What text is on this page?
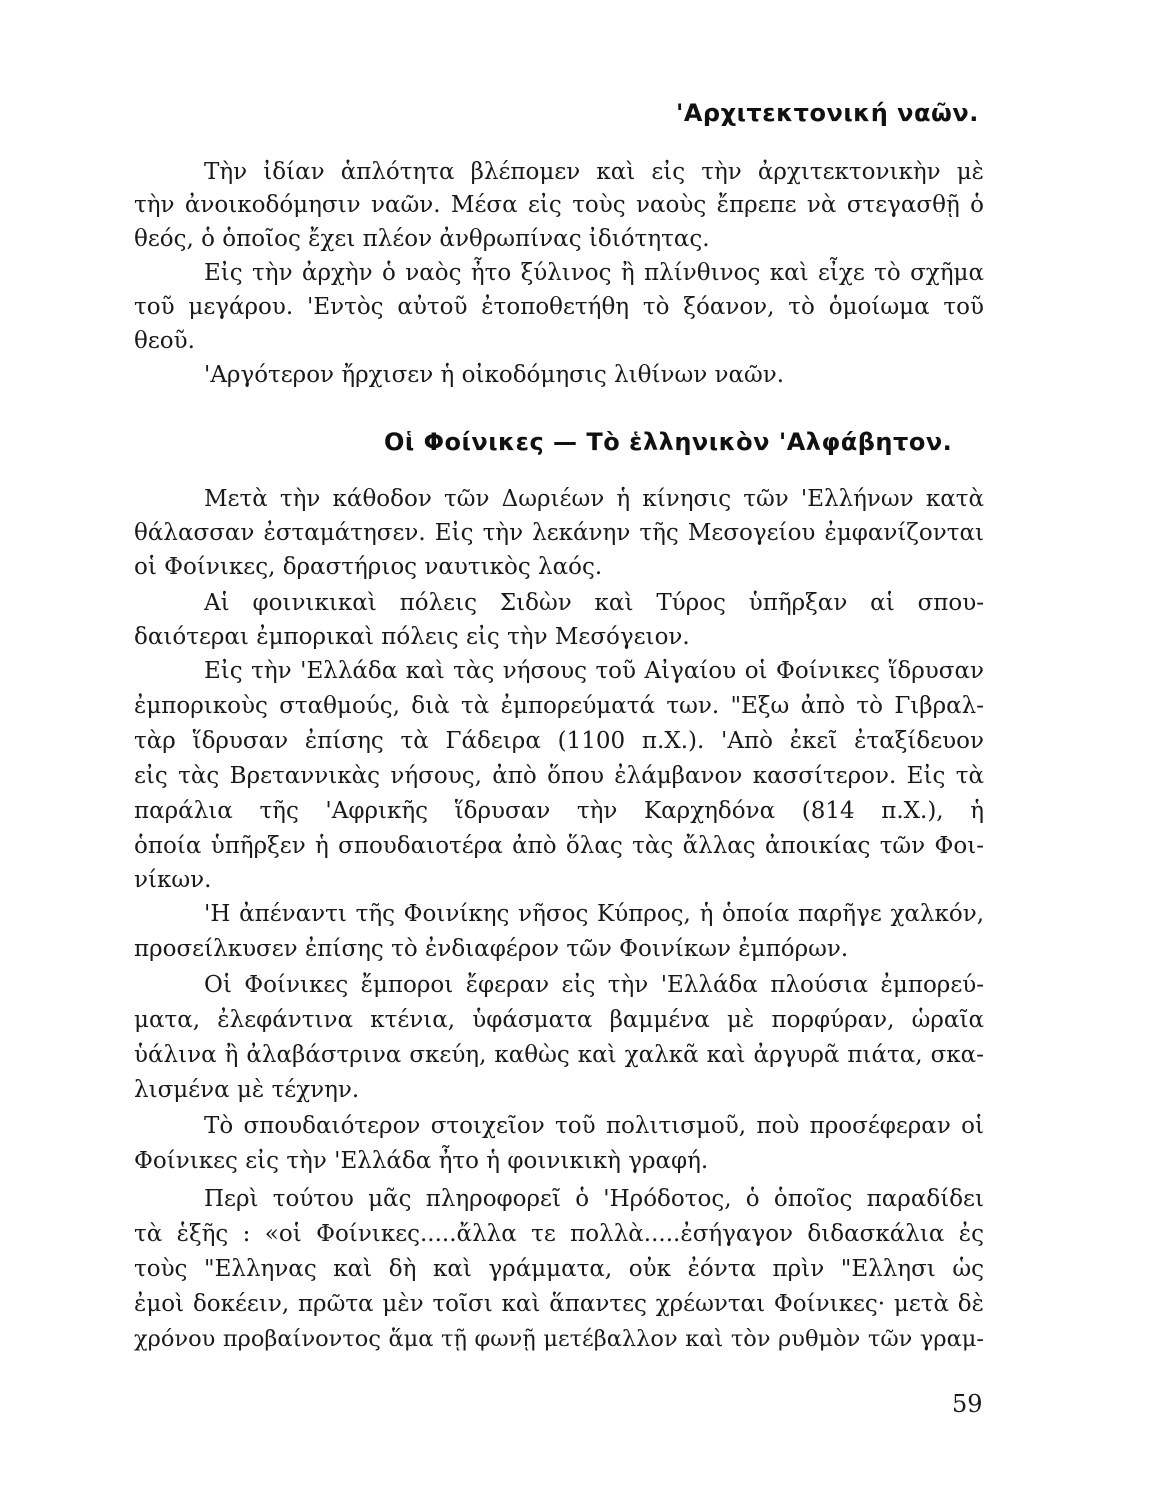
'Αρχιτεκτονική ναῶν.
Τὴν ἰδίαν ἁπλότητα βλέπομεν καὶ εἰς τὴν ἀρχιτεκτονικὴν μὲ
τὴν ἀνοικοδόμησιν ναῶν. Μέσα εἰς τοὺς ναοὺς ἔπρεπε νὰ στεγασθῇ ὁ
θεός, ὁ ὁποῖος ἔχει πλέον ἀνθρωπίνας ἰδιότητας.
Εἰς τὴν ἀρχὴν ὁ ναὸς ἦτο ξύλινος ἢ πλίνθινος καὶ εἶχε τὸ σχῆμα
τοῦ μεγάρου. 'Εντὸς αὐτοῦ ἐτοποθετήθη τὸ ξόανον, τὸ ὁμοίωμα τοῦ
θεοῦ.
'Αργότερον ἤρχισεν ἡ οἰκοδόμησις λιθίνων ναῶν.
Οἱ Φοίνικες — Τὸ ἑλληνικὸν 'Αλφάβητον.
Μετὰ τὴν κάθοδον τῶν Δωριέων ἡ κίνησις τῶν 'Ελλήνων κατὰ
θάλασσαν ἐσταμάτησεν. Εἰς τὴν λεκάνην τῆς Μεσογείου ἐμφανίζονται
οἱ Φοίνικες, δραστήριος ναυτικὸς λαός.
Αἱ φοινικικαὶ πόλεις Σιδὼν καὶ Τύρος ὑπῆρξαν αἱ σπου-
δαιότεραι ἐμπορικαὶ πόλεις εἰς τὴν Μεσόγειον.
Εἰς τὴν 'Ελλάδα καὶ τὰς νήσους τοῦ Αἰγαίου οἱ Φοίνικες ἵδρυσαν
ἐμπορικοὺς σταθμούς, διὰ τὰ ἐμπορεύματά των. "Εξω ἀπὸ τὸ Γιβραλ-
τὰρ ἵδρυσαν ἐπίσης τὰ Γάδειρα (1100 π.Χ.). 'Απὸ ἐκεῖ ἐταξίδευον
εἰς τὰς Βρεταννικὰς νήσους, ἀπὸ ὅπου ἐλάμβανον κασσίτερον. Εἰς τὰ
παράλια τῆς 'Αφρικῆς ἵδρυσαν τὴν Καρχηδόνα (814 π.Χ.), ἡ
ὁποία ὑπῆρξεν ἡ σπουδαιοτέρα ἀπὸ ὅλας τὰς ἄλλας ἀποικίας τῶν Φοι-
νίκων.
'Η ἀπέναντι τῆς Φοινίκης νῆσος Κύπρος, ἡ ὁποία παρῆγε χαλκόν,
προσείλκυσεν ἐπίσης τὸ ἐνδιαφέρον τῶν Φοινίκων ἐμπόρων.
Οἱ Φοίνικες ἔμποροι ἔφεραν εἰς τὴν 'Ελλάδα πλούσια ἐμπορεύ-
ματα, ἐλεφάντινα κτένια, ὑφάσματα βαμμένα μὲ πορφύραν, ὡραῖα
ὑάλινα ἢ ἀλαβάστρινα σκεύη, καθὼς καὶ χαλκᾶ καὶ ἀργυρᾶ πιάτα, σκα-
λισμένα μὲ τέχνην.
Τὸ σπουδαιότερον στοιχεῖον τοῦ πολιτισμοῦ, ποὺ προσέφεραν οἱ
Φοίνικες εἰς τὴν 'Ελλάδα ἦτο ἡ φοινικικὴ γραφή.
Περὶ τούτου μᾶς πληροφορεῖ ὁ 'Ηρόδοτος, ὁ ὁποῖος παραδίδει
τὰ ἑξῆς : «οἱ Φοίνικες.....ἄλλα τε πολλὰ.....ἐσήγαγον διδασκάλια ἐς
τοὺς "Ελληνας καὶ δὴ καὶ γράμματα, οὐκ ἐόντα πρὶν "Ελλησι ὡς
ἐμοὶ δοκέειν, πρῶτα μὲν τοῖσι καὶ ἅπαντες χρέωνται Φοίνικες· μετὰ δὲ
χρόνου προβαίνοντος ἅμα τῇ φωνῇ μετέβαλλον καὶ τὸν ρυθμὸν τῶν γραμ-
59
